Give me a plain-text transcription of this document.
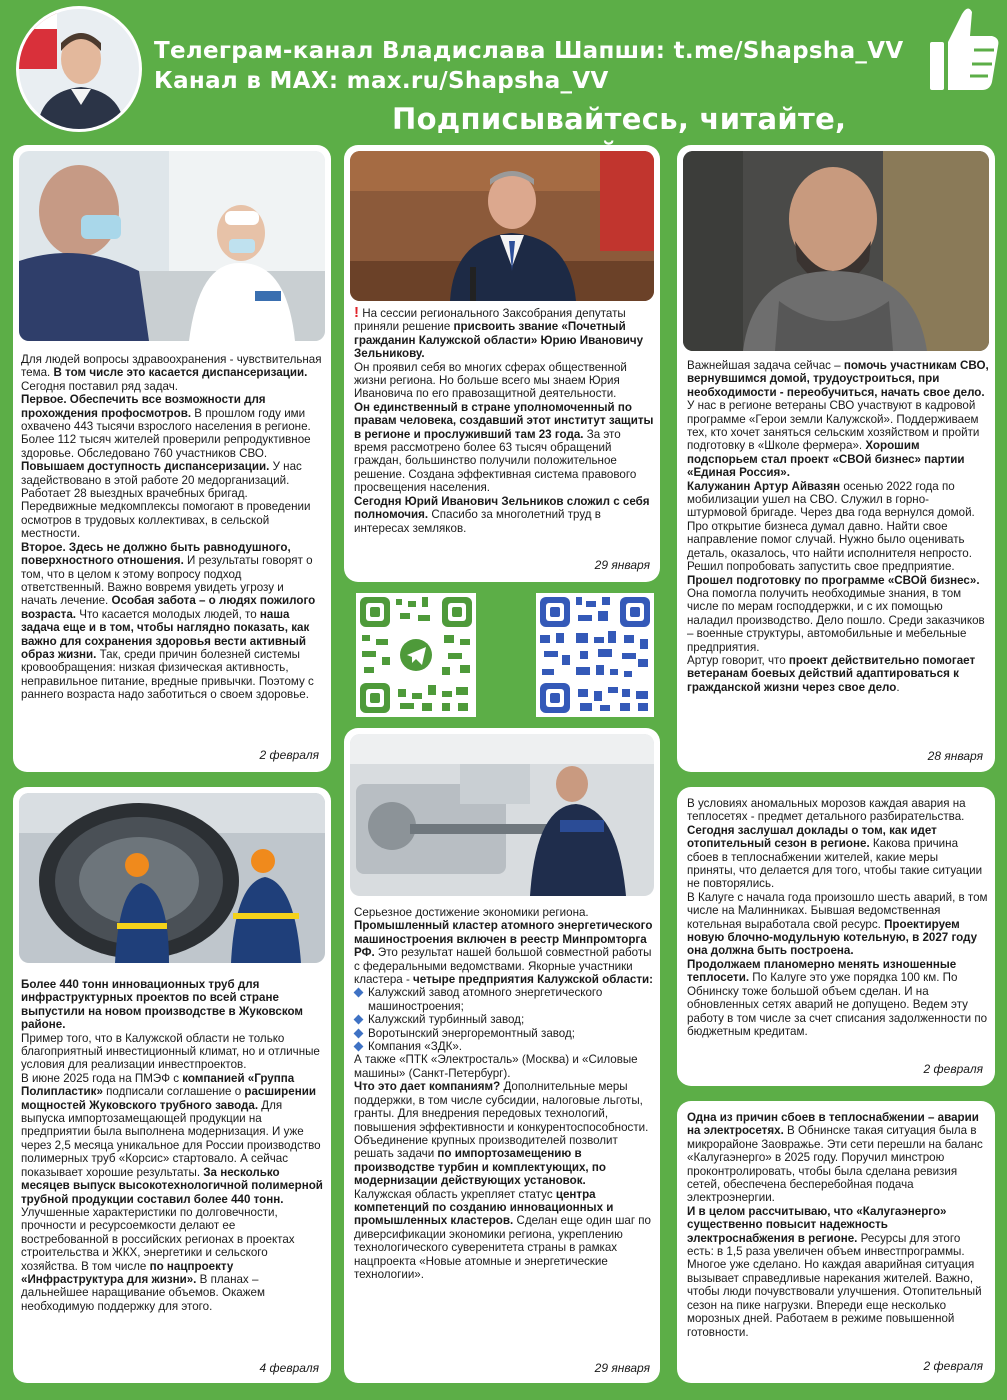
Телеграм-канал Владислава Шапши: t.me/Shapsha_VV
Канал в MAX: max.ru/Shapsha_VV
Подписывайтесь, читайте,

Для людей вопросы здравоохранения - чувствительная тема. В том числе это касается диспансеризации. Сегодня поставил ряд задач.

Первое. Обеспечить все возможности для прохождения профосмотров. В прошлом году ими охвачено 443 тысячи взрослого населения в регионе. Более 112 тысяч жителей проверили репродуктивное здоровье. Обследовано 760 участников СВО. Повышаем доступность диспансеризации. У нас задействовано в этой работе 20 медорганизаций. Работает 28 выездных врачебных бригад. Передвижные медкомплексы помогают в проведении осмотров в трудовых коллективах, в сельской местности.

Второе. Здесь не должно быть равнодушного, поверхностного отношения. И результаты говорят о том, что в целом к этому вопросу подход ответственный. Важно вовремя увидеть угрозу и начать лечение. Особая забота – о людях пожилого возраста. Что касается молодых людей, то наша задача еще и в том, чтобы наглядно показать, как важно для сохранения здоровья вести активный образ жизни. Так, среди причин болезней системы кровообращения: низкая физическая активность, неправильное питание, вредные привычки. Поэтому с раннего возраста надо заботиться о своем здоровье.

2 февраля

! На сессии регионального Заксобрания депутаты приняли решение присвоить звание «Почетный гражданин Калужской области» Юрию Ивановичу Зельникову.

Он проявил себя во многих сферах общественной жизни региона. Но больше всего мы знаем Юрия Ивановича по его правозащитной деятельности.

Он единственный в стране уполномоченный по правам человека, создавший этот институт защиты в регионе и прослуживший там 23 года. За это время рассмотрено более 63 тысяч обращений граждан, большинство получили положительное решение. Создана эффективная система правового просвещения населения.

Сегодня Юрий Иванович Зельников сложил с себя полномочия. Спасибо за многолетний труд в интересах земляков.

29 января

Важнейшая задача сейчас – помочь участникам СВО, вернувшимся домой, трудоустроиться, при необходимости - переобучиться, начать свое дело. У нас в регионе ветераны СВО участвуют в кадровой программе «Герои земли Калужской». Поддерживаем тех, кто хочет заняться сельским хозяйством и пройти подготовку в «Школе фермера». Хорошим подспорьем стал проект «СВОй бизнес» партии «Единая Россия».

Калужанин Артур Айвазян осенью 2022 года по мобилизации ушел на СВО. Служил в горно-штурмовой бригаде. Через два года вернулся домой. Про открытие бизнеса думал давно. Найти свое направление помог случай. Нужно было оценивать деталь, оказалось, что найти исполнителя непросто. Решил попробовать запустить свое предприятие.

Прошел подготовку по программе «СВОй бизнес». Она помогла получить необходимые знания, в том числе по мерам господдержки, и с их помощью наладил производство. Дело пошло. Среди заказчиков – военные структуры, автомобильные и мебельные предприятия.

Артур говорит, что проект действительно помогает ветеранам боевых действий адаптироваться к гражданской жизни через свое дело.

28 января

Более 440 тонн инновационных труб для инфраструктурных проектов по всей стране выпустили на новом производстве в Жуковском районе.

Пример того, что в Калужской области не только благоприятный инвестиционный климат, но и отличные условия для реализации инвестпроектов.

В июне 2025 года на ПМЭФ с компанией «Группа Полипластик» подписали соглашение о расширении мощностей Жуковского трубного завода. Для выпуска импортозамещающей продукции на предприятии была выполнена модернизация. И уже через 2,5 месяца уникальное для России производство полимерных труб «Корсис» стартовало. А сейчас показывает хорошие результаты. За несколько месяцев выпуск высокотехнологичной полимерной трубной продукции составил более 440 тонн.

Улучшенные характеристики по долговечности, прочности и ресурсоемкости делают ее востребованной в российских регионах в проектах строительства и ЖКХ, энергетики и сельского хозяйства. В том числе по нацпроекту «Инфраструктура для жизни». В планах – дальнейшее наращивание объемов. Окажем необходимую поддержку для этого.

4 февраля

Серьезное достижение экономики региона. Промышленный кластер атомного энергетического машиностроения включен в реестр Минпромторга РФ. Это результат нашей большой совместной работы с федеральными ведомствами. Якорные участники кластера - четыре предприятия Калужской области:

Калужский завод атомного энергетического машиностроения;

Калужский турбинный завод;

Воротынский энергоремонтный завод;

Компания «ЗДК».

А также «ПТК «Электросталь» (Москва) и «Силовые машины» (Санкт-Петербург).

Что это дает компаниям? Дополнительные меры поддержки, в том числе субсидии, налоговые льготы, гранты. Для внедрения передовых технологий, повышения эффективности и конкурентоспособности.

Объединение крупных производителей позволит решать задачи по импортозамещению в производстве турбин и комплектующих, по модернизации действующих установок.

Калужская область укрепляет статус центра компетенций по созданию инновационных и промышленных кластеров. Сделан еще один шаг по диверсификации экономики региона, укреплению технологического суверенитета страны в рамках нацпроекта «Новые атомные и энергетические технологии».

29 января

В условиях аномальных морозов каждая авария на теплосетях - предмет детального разбирательства. Сегодня заслушал доклады о том, как идет отопительный сезон в регионе. Какова причина сбоев в теплоснабжении жителей, какие меры приняты, что делается для того, чтобы такие ситуации не повторялись.

В Калуге с начала года произошло шесть аварий, в том числе на Малинниках. Бывшая ведомственная котельная выработала свой ресурс. Проектируем новую блочно-модульную котельную, в 2027 году она должна быть построена.

Продолжаем планомерно менять изношенные теплосети. По Калуге это уже порядка 100 км. По Обнинску тоже большой объем сделан. И на обновленных сетях аварий не допущено. Ведем эту работу в том числе за счет списания задолженности по бюджетным кредитам.

2 февраля

Одна из причин сбоев в теплоснабжении – аварии на электросетях. В Обнинске такая ситуация была в микрорайоне Заовражье. Эти сети перешли на баланс «Калугаэнерго» в 2025 году. Поручил минстрою проконтролировать, чтобы была сделана ревизия сетей, обеспечена бесперебойная подача электроэнергии.

И в целом рассчитываю, что «Калугаэнерго» существенно повысит надежность электроснабжения в регионе. Ресурсы для этого есть: в 1,5 раза увеличен объем инвестпрограммы. Многое уже сделано. Но каждая аварийная ситуация вызывает справедливые нарекания жителей. Важно, чтобы люди почувствовали улучшения. Отопительный сезон на пике нагрузки. Впереди еще несколько морозных дней. Работаем в режиме повышенной готовности.

2 февраля
